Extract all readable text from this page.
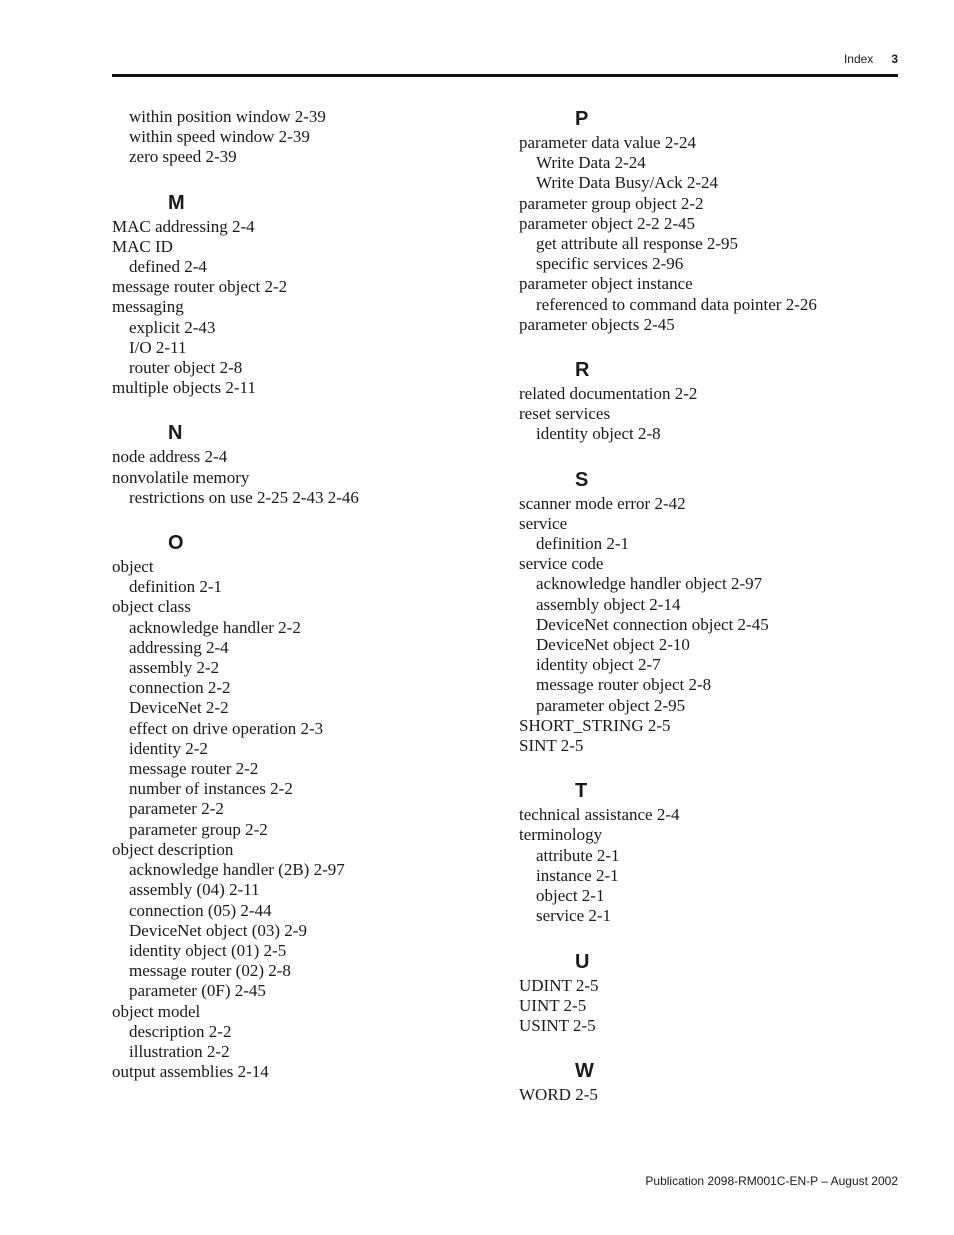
Index 3
within position window 2-39
within speed window 2-39
zero speed 2-39
M
MAC addressing 2-4
MAC ID
defined 2-4
message router object 2-2
messaging
explicit 2-43
I/O 2-11
router object 2-8
multiple objects 2-11
N
node address 2-4
nonvolatile memory
restrictions on use 2-25 2-43 2-46
O
object
definition 2-1
object class
acknowledge handler 2-2
addressing 2-4
assembly 2-2
connection 2-2
DeviceNet 2-2
effect on drive operation 2-3
identity 2-2
message router 2-2
number of instances 2-2
parameter 2-2
parameter group 2-2
object description
acknowledge handler (2B) 2-97
assembly (04) 2-11
connection (05) 2-44
DeviceNet object (03) 2-9
identity object (01) 2-5
message router (02) 2-8
parameter (0F) 2-45
object model
description 2-2
illustration 2-2
output assemblies 2-14
P
parameter data value 2-24
Write Data 2-24
Write Data Busy/Ack 2-24
parameter group object 2-2
parameter object 2-2 2-45
get attribute all response 2-95
specific services 2-96
parameter object instance
referenced to command data pointer 2-26
parameter objects 2-45
R
related documentation 2-2
reset services
identity object 2-8
S
scanner mode error 2-42
service
definition 2-1
service code
acknowledge handler object 2-97
assembly object 2-14
DeviceNet connection object 2-45
DeviceNet object 2-10
identity object 2-7
message router object 2-8
parameter object 2-95
SHORT_STRING 2-5
SINT 2-5
T
technical assistance 2-4
terminology
attribute 2-1
instance 2-1
object 2-1
service 2-1
U
UDINT 2-5
UINT 2-5
USINT 2-5
W
WORD 2-5
Publication 2098-RM001C-EN-P – August 2002
